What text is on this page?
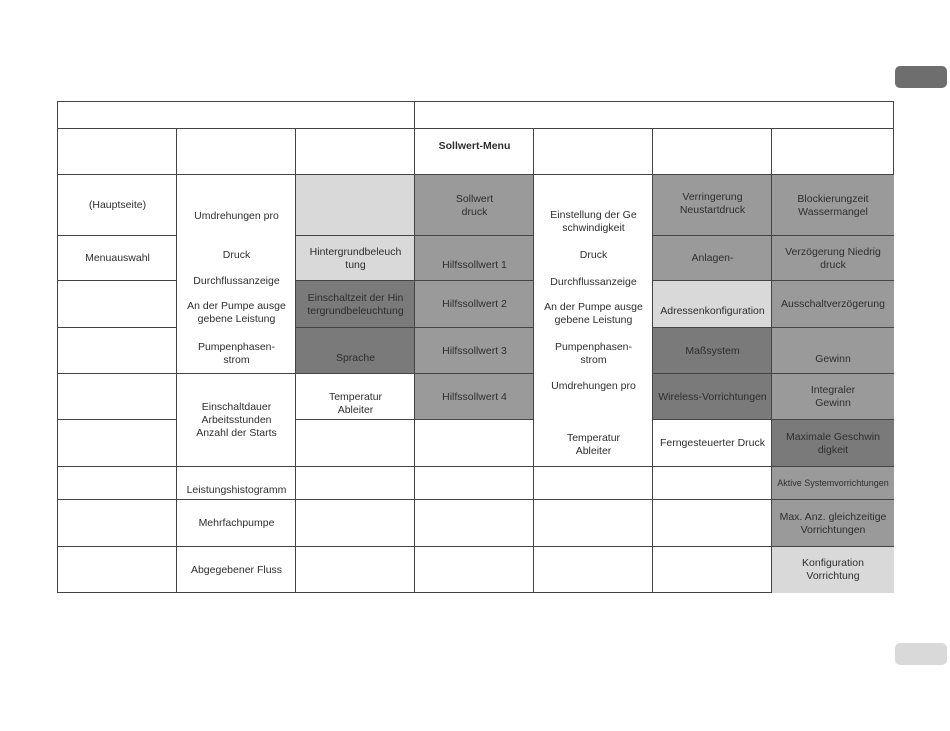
Hintergrundbeleuch
tung
Einschaltzeit der Hin
tergrundbeleuchtung
Sprache
Sollwert
druck
Hilfssollwert 1
Hilfssollwert 2
Hilfssollwert 3
Hilfssollwert 4
Verringerung
Neustartdruck
Anlagen-
Adressenkonfiguration
Maßsystem
Wireless-Vorrichtungen
Blockierungzeit
Wassermangel
Verzögerung Niedrig
druck
Ausschaltverzögerung
Gewinn
Integraler
Gewinn
Maximale Geschwin
digkeit
Aktive Systemvorrichtungen
Max. Anz. gleichzeitige
Vorrichtungen
Konfiguration
Vorrichtung
Sollwert-Menu
(Hauptseite)
Menuauswahl
Umdrehungen pro
Druck
Durchflussanzeige
An der Pumpe ausge
gebene Leistung
Pumpenphasen-
strom
Einschaltdauer
Arbeitsstunden
Anzahl der Starts
Leistungshistogramm
Mehrfachpumpe
Abgegebener Fluss
Temperatur
Ableiter
Einstellung der Ge
schwindigkeit
Druck
Durchflussanzeige
An der Pumpe ausge
gebene Leistung
Pumpenphasen-
strom
Umdrehungen pro
Temperatur
Ableiter
Ferngesteuerter Druck
